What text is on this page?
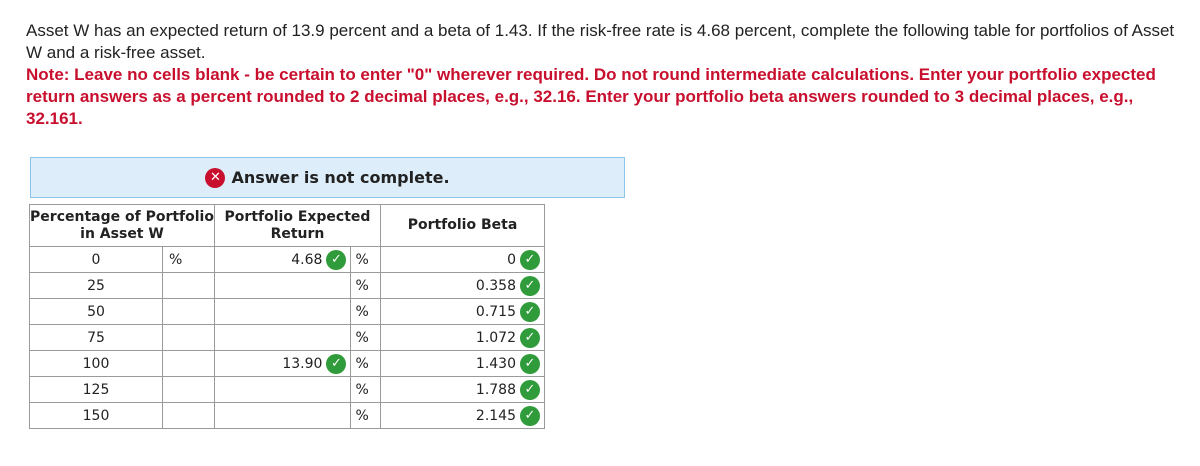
Asset W has an expected return of 13.9 percent and a beta of 1.43. If the risk-free rate is 4.68 percent, complete the following table for portfolios of Asset W and a risk-free asset.
Note: Leave no cells blank - be certain to enter "0" wherever required. Do not round intermediate calculations. Enter your portfolio expected return answers as a percent rounded to 2 decimal places, e.g., 32.16. Enter your portfolio beta answers rounded to 3 decimal places, e.g., 32.161.
✕ Answer is not complete.
Percentage of Portfolio in Asset W		Portfolio Expected Return		Portfolio Beta
0	%	4.68 ✓	%	0 ✓
25			%	0.358 ✓
50			%	0.715 ✓
75			%	1.072 ✓
100		13.90 ✓	%	1.430 ✓
125			%	1.788 ✓
150			%	2.145 ✓
